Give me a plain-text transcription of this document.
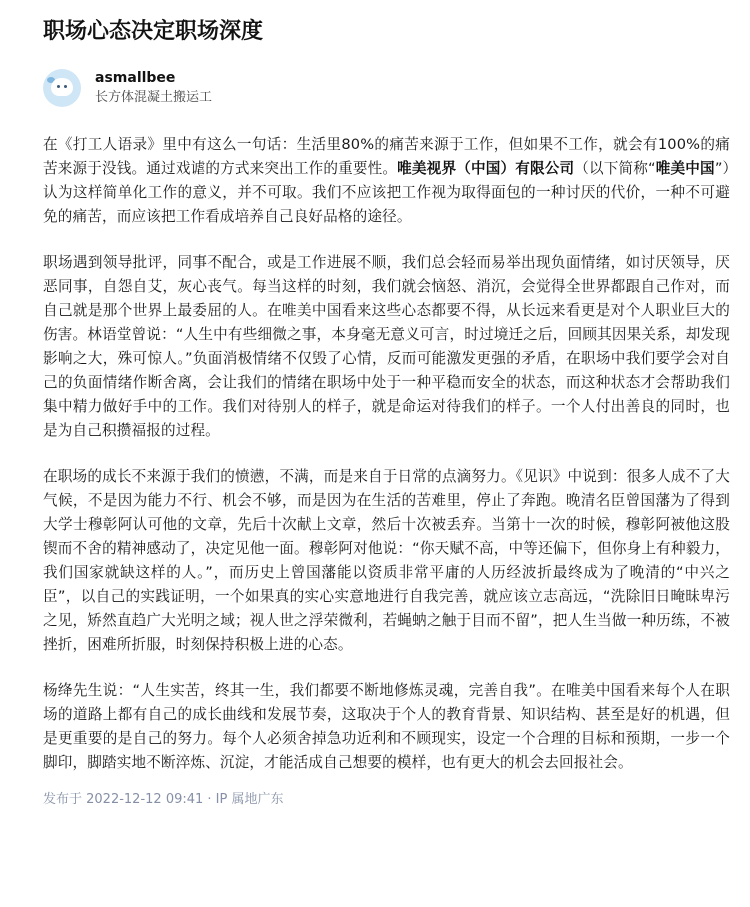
职场心态决定职场深度
asmallbee
长方体混凝土搬运工

在《打工人语录》里中有这么一句话：生活里80%的痛苦来源于工作，但如果不工作，就会有100%的痛苦来源于没钱。通过戏谑的方式来突出工作的重要性。唯美视界（中国）有限公司（以下简称“唯美中国”）认为这样简单化工作的意义，并不可取。我们不应该把工作视为取得面包的一种讨厌的代价，一种不可避免的痛苦，而应该把工作看成培养自己良好品格的途径。

职场遇到领导批评，同事不配合，或是工作进展不顺，我们总会轻而易举出现负面情绪，如讨厌领导，厌恶同事，自怨自艾，灰心丧气。每当这样的时刻，我们就会恼怒、消沉，会觉得全世界都跟自己作对，而自己就是那个世界上最委屈的人。在唯美中国看来这些心态都要不得，从长远来看更是对个人职业巨大的伤害。林语堂曾说：“人生中有些细微之事，本身毫无意义可言，时过境迁之后，回顾其因果关系，却发现影响之大，殊可惊人。”负面消极情绪不仅毁了心情，反而可能激发更强的矛盾，在职场中我们要学会对自己的负面情绪作断舍离，会让我们的情绪在职场中处于一种平稳而安全的状态，而这种状态才会帮助我们集中精力做好手中的工作。我们对待别人的样子，就是命运对待我们的样子。一个人付出善良的同时，也是为自己积攒福报的过程。

在职场的成长不来源于我们的愤懑，不满，而是来自于日常的点滴努力。《见识》中说到：很多人成不了大气候，不是因为能力不行、机会不够，而是因为在生活的苦难里，停止了奔跑。晚清名臣曾国藩为了得到大学士穆彰阿认可他的文章，先后十次献上文章，然后十次被丢弃。当第十一次的时候，穆彰阿被他这股锲而不舍的精神感动了，决定见他一面。穆彰阿对他说：“你天赋不高，中等还偏下，但你身上有种毅力，我们国家就缺这样的人。”，而历史上曾国藩能以资质非常平庸的人历经波折最终成为了晚清的“中兴之臣”，以自己的实践证明，一个如果真的实心实意地进行自我完善，就应该立志高远，“洗除旧日晻昧卑污之见，矫然直趋广大光明之域；视人世之浮荣微利，若蝇蚋之触于目而不留”，把人生当做一种历练，不被挫折，困难所折服，时刻保持积极上进的心态。

杨绛先生说：“人生实苦，终其一生，我们都要不断地修炼灵魂，完善自我”。在唯美中国看来每个人在职场的道路上都有自己的成长曲线和发展节奏，这取决于个人的教育背景、知识结构、甚至是好的机遇，但是更重要的是自己的努力。每个人必须舍掉急功近利和不顾现实，设定一个合理的目标和预期，一步一个脚印，脚踏实地不断淬炼、沉淀，才能活成自己想要的模样，也有更大的机会去回报社会。

发布于 2022-12-12 09:41 · IP 属地广东
